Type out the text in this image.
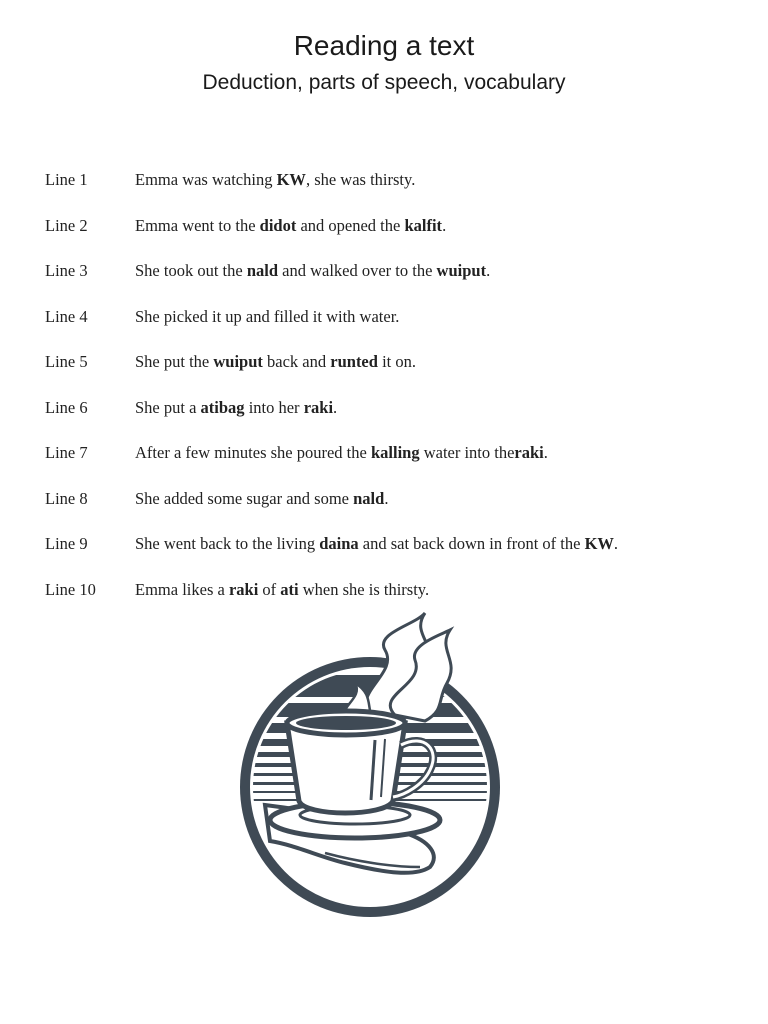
Reading a text
Deduction, parts of speech, vocabulary
Line 1	Emma was watching KW, she was thirsty.
Line 2	Emma went to the didot and opened the kalfit.
Line 3	She took out the nald and walked over to the wuiput.
Line 4	She picked it up and filled it with water.
Line 5	She put the wuiput back and runted it on.
Line 6	She put a atibag into her raki.
Line 7	After a few minutes she poured the kalling water into theraki.
Line 8	She added some sugar and some nald.
Line 9	She went back to the living daina and sat back down in front of the KW.
Line 10 Emma likes a raki of ati when she is thirsty.
